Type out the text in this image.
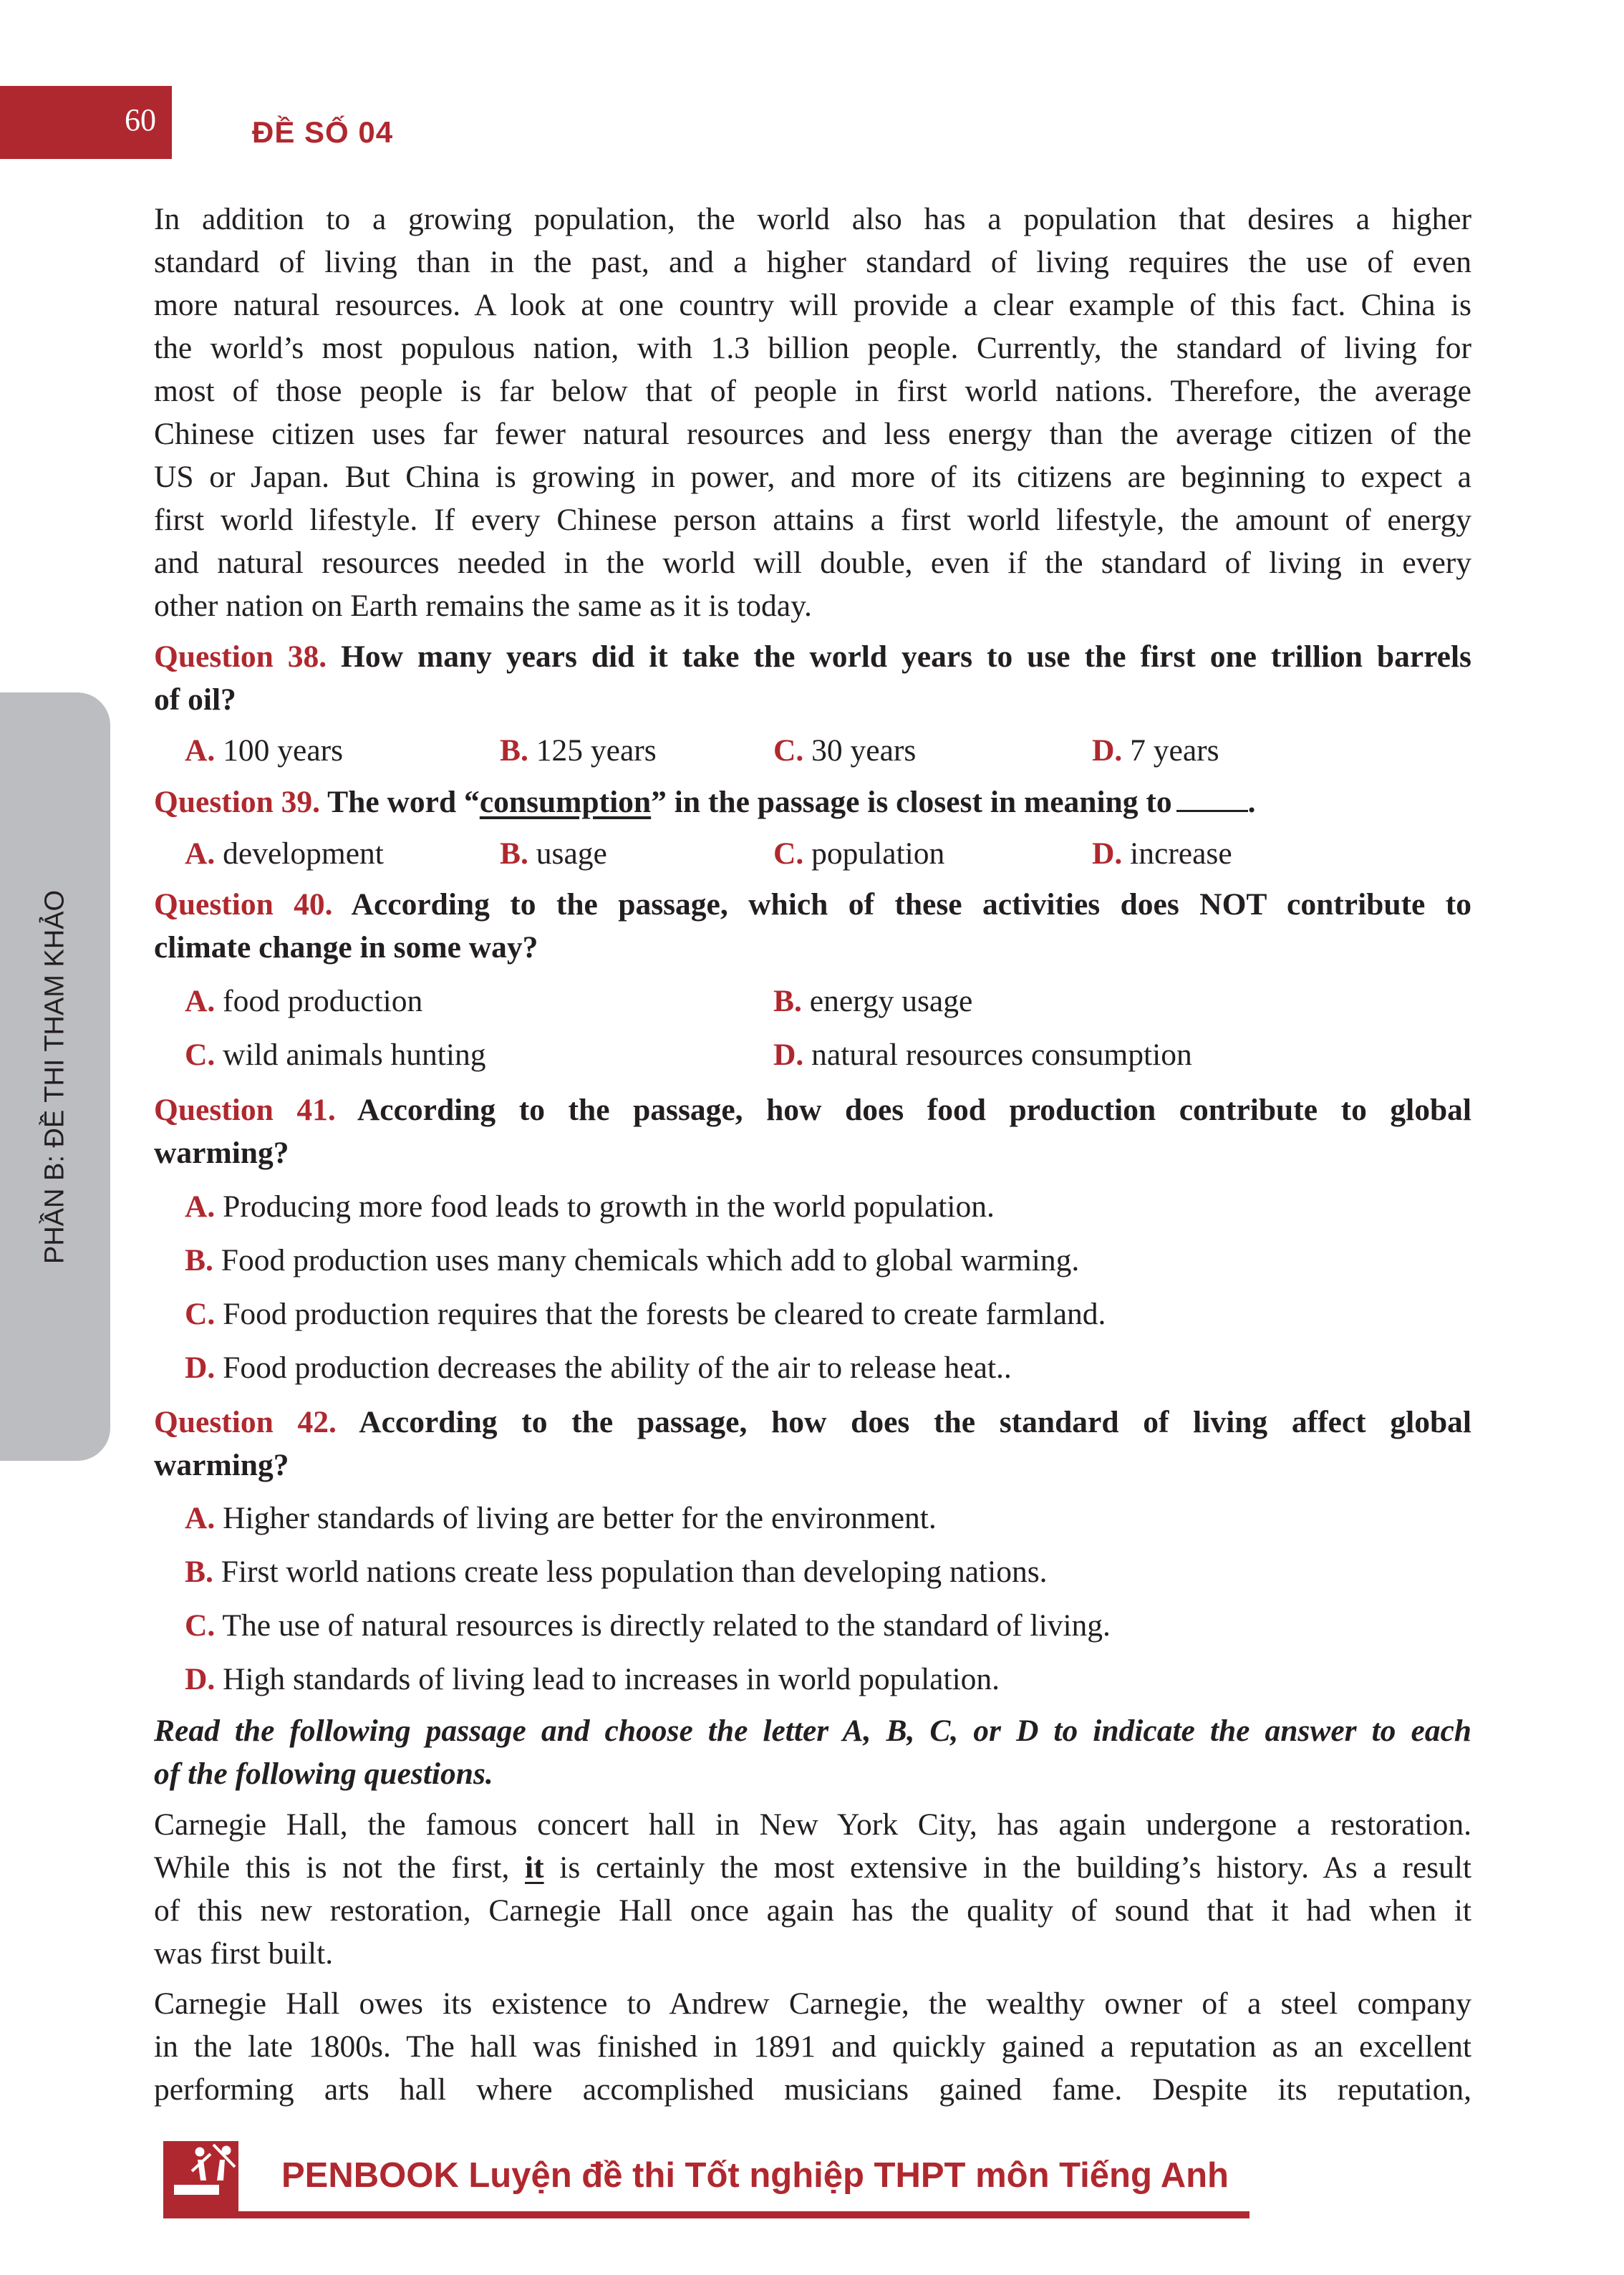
60	ĐỀ SỐ 04
PHẦN B: ĐỀ THI THAM KHẢO
In addition to a growing population, the world also has a population that desires a higher
standard of living than in the past, and a higher standard of living requires the use of even
more natural resources. A look at one country will provide a clear example of this fact. China is
the world’s most populous nation, with 1.3 billion people. Currently, the standard of living for
most of those people is far below that of people in first world nations. Therefore, the average
Chinese citizen uses far fewer natural resources and less energy than the average citizen of the
US or Japan. But China is growing in power, and more of its citizens are beginning to expect a
first world lifestyle. If every Chinese person attains a first world lifestyle, the amount of energy
and natural resources needed in the world will double, even if the standard of living in every
other nation on Earth remains the same as it is today.
Question 38. How many years did it take the world years to use the first one trillion barrels
of oil?
A. 100 years	B. 125 years	C. 30 years	D. 7 years
Question 39. The word “consumption” in the passage is closest in meaning to .
A. development	B. usage	C. population	D. increase
Question 40. According to the passage, which of these activities does NOT contribute to
climate change in some way?
A. food production	B. energy usage
C. wild animals hunting	D. natural resources consumption
Question 41. According to the passage, how does food production contribute to global
warming?
A. Producing more food leads to growth in the world population.
B. Food production uses many chemicals which add to global warming.
C. Food production requires that the forests be cleared to create farmland.
D. Food production decreases the ability of the air to release heat..
Question 42. According to the passage, how does the standard of living affect global
warming?
A. Higher standards of living are better for the environment.
B. First world nations create less population than developing nations.
C. The use of natural resources is directly related to the standard of living.
D. High standards of living lead to increases in world population.
Read the following passage and choose the letter A, B, C, or D to indicate the answer to each
of the following questions.
Carnegie Hall, the famous concert hall in New York City, has again undergone a restoration.
While this is not the first, it is certainly the most extensive in the building’s history. As a result
of this new restoration, Carnegie Hall once again has the quality of sound that it had when it
was first built.
Carnegie Hall owes its existence to Andrew Carnegie, the wealthy owner of a steel company
in the late 1800s. The hall was finished in 1891 and quickly gained a reputation as an excellent
performing arts hall where accomplished musicians gained fame. Despite its reputation,
PENBOOK Luyện đề thi Tốt nghiệp THPT môn Tiếng Anh
